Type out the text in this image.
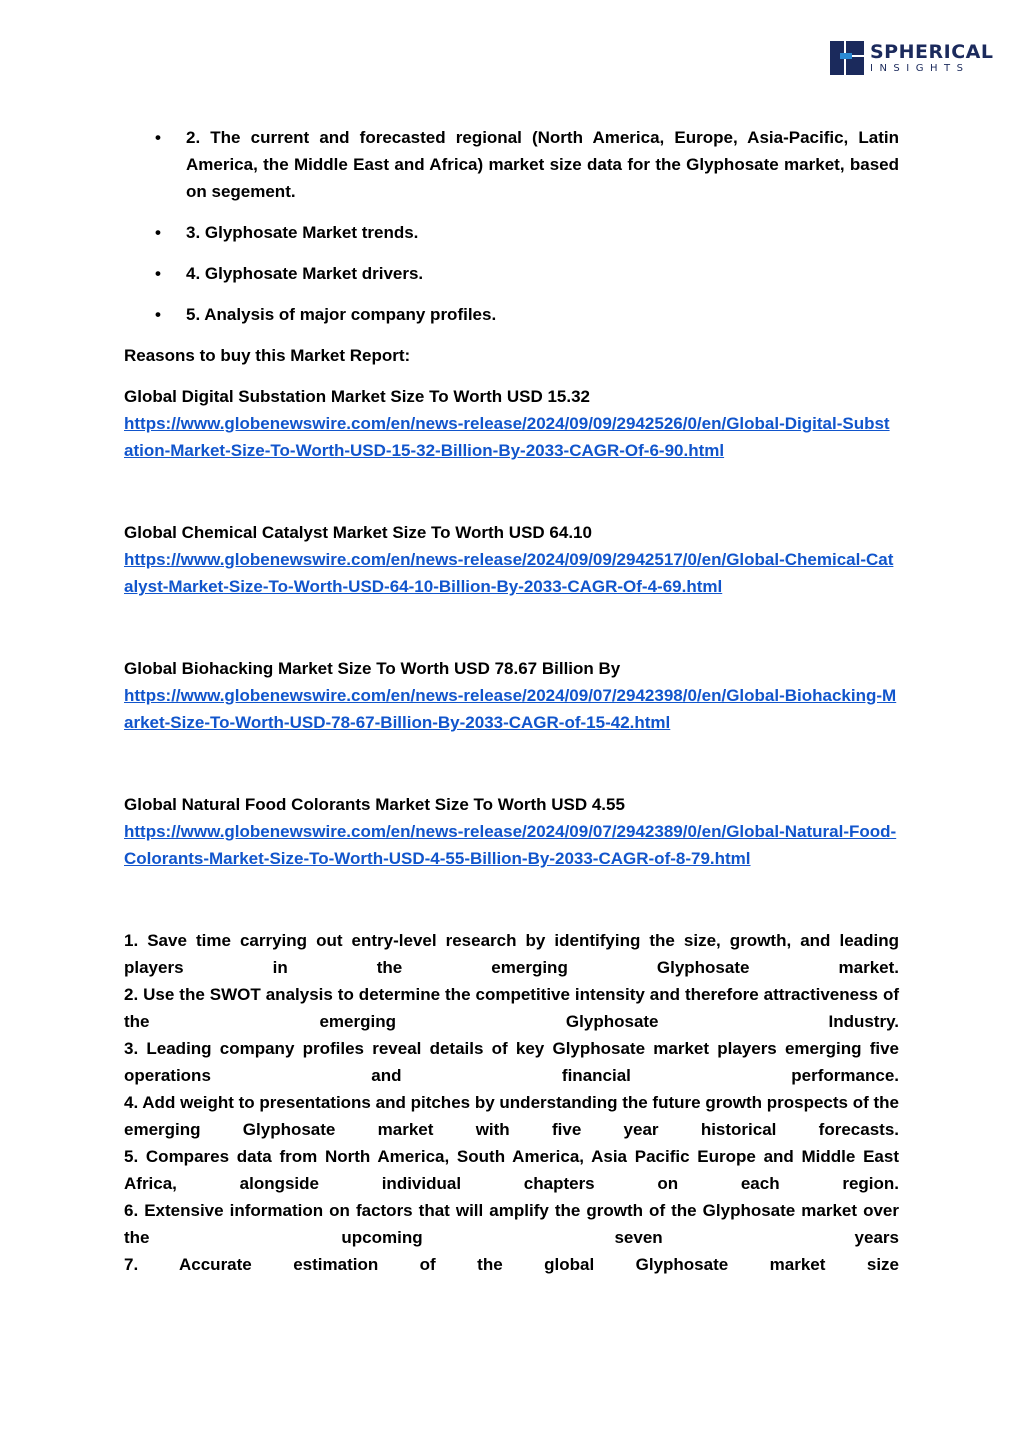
SPHERICAL
INSIGHTS
• 2. The current and forecasted regional (North America, Europe, Asia-Pacific, Latin America, the Middle East and Africa) market size data for the Glyphosate market, based on segement.
• 3. Glyphosate Market trends.
• 4. Glyphosate Market drivers.
• 5. Analysis of major company profiles.

Reasons to buy this Market Report:

Global Digital Substation Market Size To Worth USD 15.32
https://www.globenewswire.com/en/news-release/2024/09/09/2942526/0/en/Global-Digital-Substation-Market-Size-To-Worth-USD-15-32-Billion-By-2033-CAGR-Of-6-90.html
Global Chemical Catalyst Market Size To Worth USD 64.10
https://www.globenewswire.com/en/news-release/2024/09/09/2942517/0/en/Global-Chemical-Catalyst-Market-Size-To-Worth-USD-64-10-Billion-By-2033-CAGR-Of-4-69.html
Global Biohacking Market Size To Worth USD 78.67 Billion By
https://www.globenewswire.com/en/news-release/2024/09/07/2942398/0/en/Global-Biohacking-Market-Size-To-Worth-USD-78-67-Billion-By-2033-CAGR-of-15-42.html
Global Natural Food Colorants Market Size To Worth USD 4.55
https://www.globenewswire.com/en/news-release/2024/09/07/2942389/0/en/Global-Natural-Food-Colorants-Market-Size-To-Worth-USD-4-55-Billion-By-2033-CAGR-of-8-79.html

1. Save time carrying out entry-level research by identifying the size, growth, and leading players in the emerging Glyphosate market.

2. Use the SWOT analysis to determine the competitive intensity and therefore attractiveness of the emerging Glyphosate Industry.

3. Leading company profiles reveal details of key Glyphosate market players emerging five operations and financial performance.

4. Add weight to presentations and pitches by understanding the future growth prospects of the emerging Glyphosate market with five year historical forecasts.

5. Compares data from North America, South America, Asia Pacific Europe and Middle East Africa, alongside individual chapters on each region.

6. Extensive information on factors that will amplify the growth of the Glyphosate market over the upcoming seven years

7. Accurate estimation of the global Glyphosate market size
